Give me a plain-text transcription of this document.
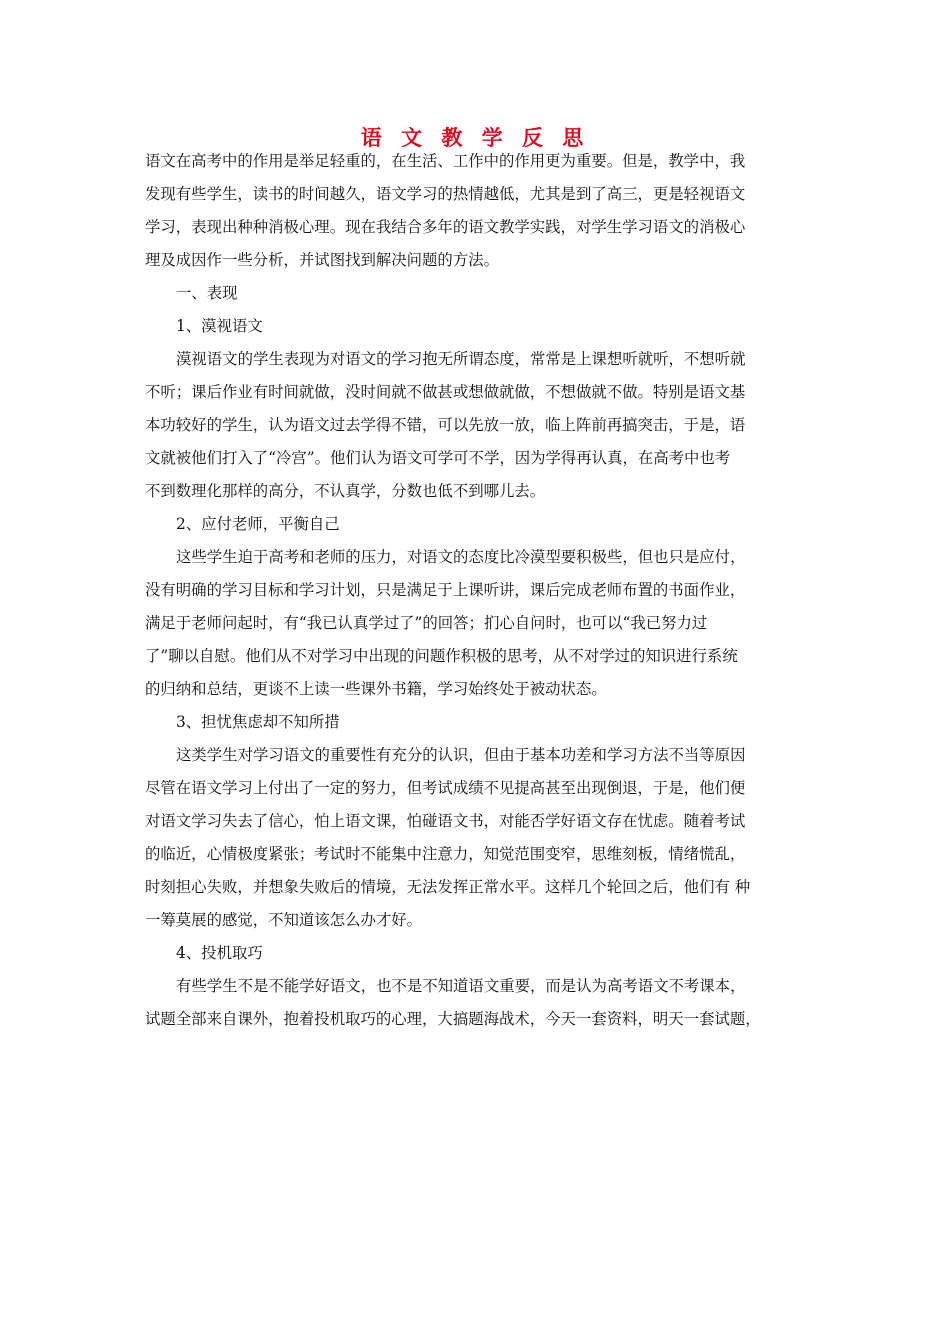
语 文 教 学 反 思

语文在高考中的作用是举足轻重的，在生活、工作中的作用更为重要。但是，教学中，我
发现有些学生，读书的时间越久，语文学习的热情越低，尤其是到了高三，更是轻视语文
学习，表现出种种消极心理。现在我结合多年的语文教学实践，对学生学习语文的消极心
理及成因作一些分析，并试图找到解决问题的方法。

一、表现

1、漠视语文

漠视语文的学生表现为对语文的学习抱无所谓态度，常常是上课想听就听，不想听就
不听；课后作业有时间就做，没时间就不做甚或想做就做，不想做就不做。特别是语文基
本功较好的学生，认为语文过去学得不错，可以先放一放，临上阵前再搞突击，于是，语
文就被他们打入了“冷宫”。他们认为语文可学可不学，因为学得再认真，在高考中也考
不到数理化那样的高分，不认真学，分数也低不到哪儿去。

2、应付老师，平衡自己

这些学生迫于高考和老师的压力，对语文的态度比冷漠型要积极些，但也只是应付，
没有明确的学习目标和学习计划，只是满足于上课听讲，课后完成老师布置的书面作业，
满足于老师问起时，有“我已认真学过了”的回答；扪心自问时，也可以“我已努力过
了”聊以自慰。他们从不对学习中出现的问题作积极的思考，从不对学过的知识进行系统
的归纳和总结，更谈不上读一些课外书籍，学习始终处于被动状态。

3、担忧焦虑却不知所措

这类学生对学习语文的重要性有充分的认识，但由于基本功差和学习方法不当等原因
尽管在语文学习上付出了一定的努力，但考试成绩不见提高甚至出现倒退，于是，他们便
对语文学习失去了信心，怕上语文课，怕碰语文书，对能否学好语文存在忧虑。随着考试
的临近，心情极度紧张；考试时不能集中注意力，知觉范围变窄，思维刻板，情绪慌乱，
时刻担心失败，并想象失败后的情境，无法发挥正常水平。这样几个轮回之后，他们有 种
一筹莫展的感觉，不知道该怎么办才好。

4、投机取巧

有些学生不是不能学好语文，也不是不知道语文重要，而是认为高考语文不考课本，
试题全部来自课外，抱着投机取巧的心理，大搞题海战术，今天一套资料，明天一套试题，
